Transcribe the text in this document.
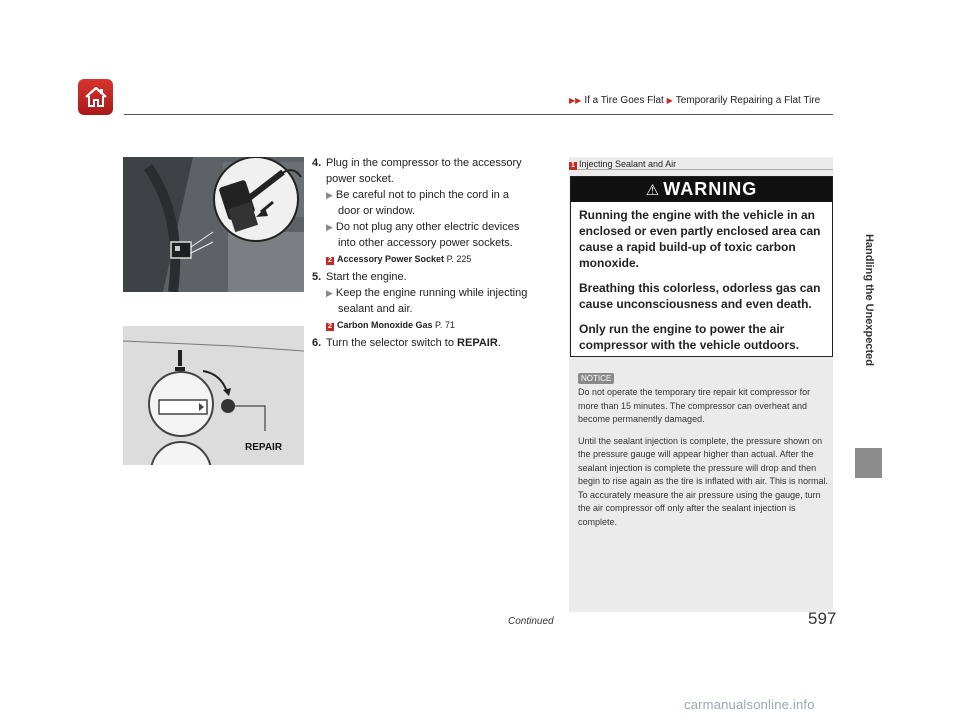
▶▶ If a Tire Goes Flat ▶ Temporarily Repairing a Flat Tire
Handling the Unexpected
REPAIR
4. Plug in the compressor to the accessory power socket.
▶ Be careful not to pinch the cord in a
door or window.
▶ Do not plug any other electric devices
into other accessory power sockets.
2 Accessory Power Socket P. 225
5. Start the engine.
▶ Keep the engine running while injecting
sealant and air.
2 Carbon Monoxide Gas P. 71
6. Turn the selector switch to REPAIR.
1 Injecting Sealant and Air
⚠ WARNING

Running the engine with the vehicle in an enclosed or even partly enclosed area can cause a rapid build-up of toxic carbon monoxide.

Breathing this colorless, odorless gas can cause unconsciousness and even death.

Only run the engine to power the air compressor with the vehicle outdoors.

NOTICE

Do not operate the temporary tire repair kit compressor for more than 15 minutes. The compressor can overheat and become permanently damaged.

Until the sealant injection is complete, the pressure shown on the pressure gauge will appear higher than actual. After the sealant injection is complete the pressure will drop and then begin to rise again as the tire is inflated with air. This is normal. To accurately measure the air pressure using the gauge, turn the air compressor off only after the sealant injection is complete.

Continued	597
carmanualsonline.info
